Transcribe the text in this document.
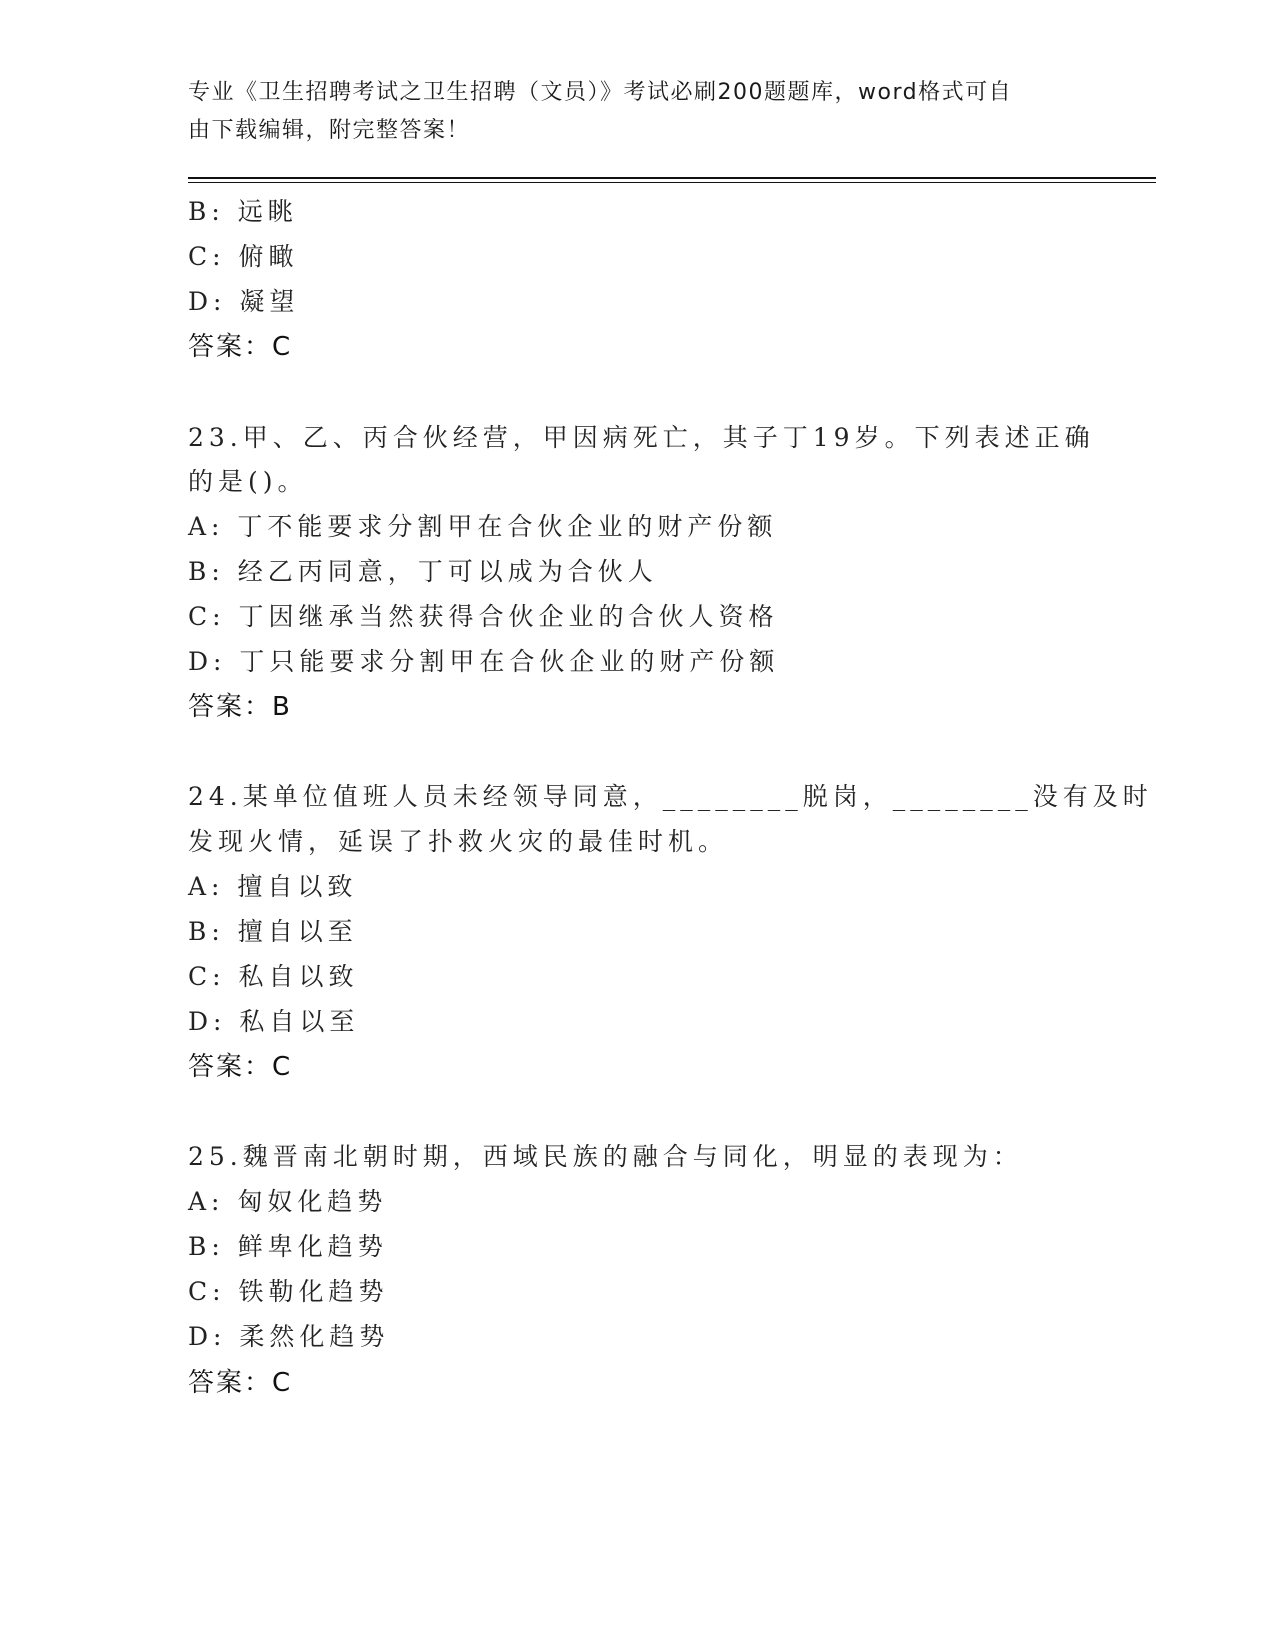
专业《卫生招聘考试之卫生招聘（文员）》考试必刷200题题库，word格式可自
由下载编辑，附完整答案！
B: 远眺
C: 俯瞰
D: 凝望
答案：C
23.甲、乙、丙合伙经营，甲因病死亡，其子丁19岁。下列表述正确
的是()。
A: 丁不能要求分割甲在合伙企业的财产份额
B: 经乙丙同意，丁可以成为合伙人
C: 丁因继承当然获得合伙企业的合伙人资格
D: 丁只能要求分割甲在合伙企业的财产份额
答案：B
24.某单位值班人员未经领导同意，________脱岗，________没有及时
发现火情，延误了扑救火灾的最佳时机。
A: 擅自以致
B: 擅自以至
C: 私自以致
D: 私自以至
答案：C
25.魏晋南北朝时期，西域民族的融合与同化，明显的表现为：
A: 匈奴化趋势
B: 鲜卑化趋势
C: 铁勒化趋势
D: 柔然化趋势
答案：C
